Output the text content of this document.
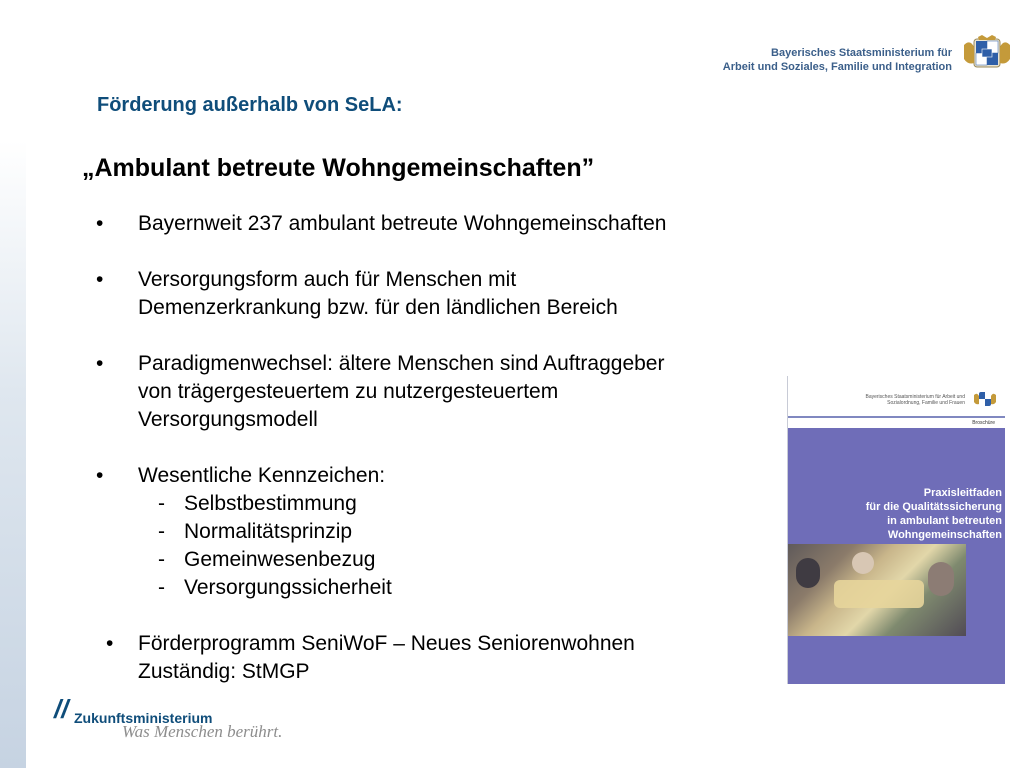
Bayerisches Staatsministerium für
Arbeit und Soziales, Familie und Integration
Förderung außerhalb von SeLA:
„Ambulant betreute Wohngemeinschaften”
• Bayernweit 237 ambulant betreute Wohngemeinschaften
• Versorgungsform auch für Menschen mit
Demenzerkrankung bzw. für den ländlichen Bereich
• Paradigmenwechsel: ältere Menschen sind Auftraggeber
von trägergesteuertem zu nutzergesteuertem
Versorgungsmodell
• Wesentliche Kennzeichen:
- Selbstbestimmung
- Normalitätsprinzip
- Gemeinwesenbezug
- Versorgungssicherheit
• Förderprogramm SeniWoF – Neues Seniorenwohnen
Zuständig: StMGP
Bayerisches Staatsministerium für Arbeit und Sozialordnung, Familie und Frauen
Broschüre
Praxisleitfaden
für die Qualitätssicherung
in ambulant betreuten
Wohngemeinschaften
// Zukunftsministerium
Was Menschen berührt.
